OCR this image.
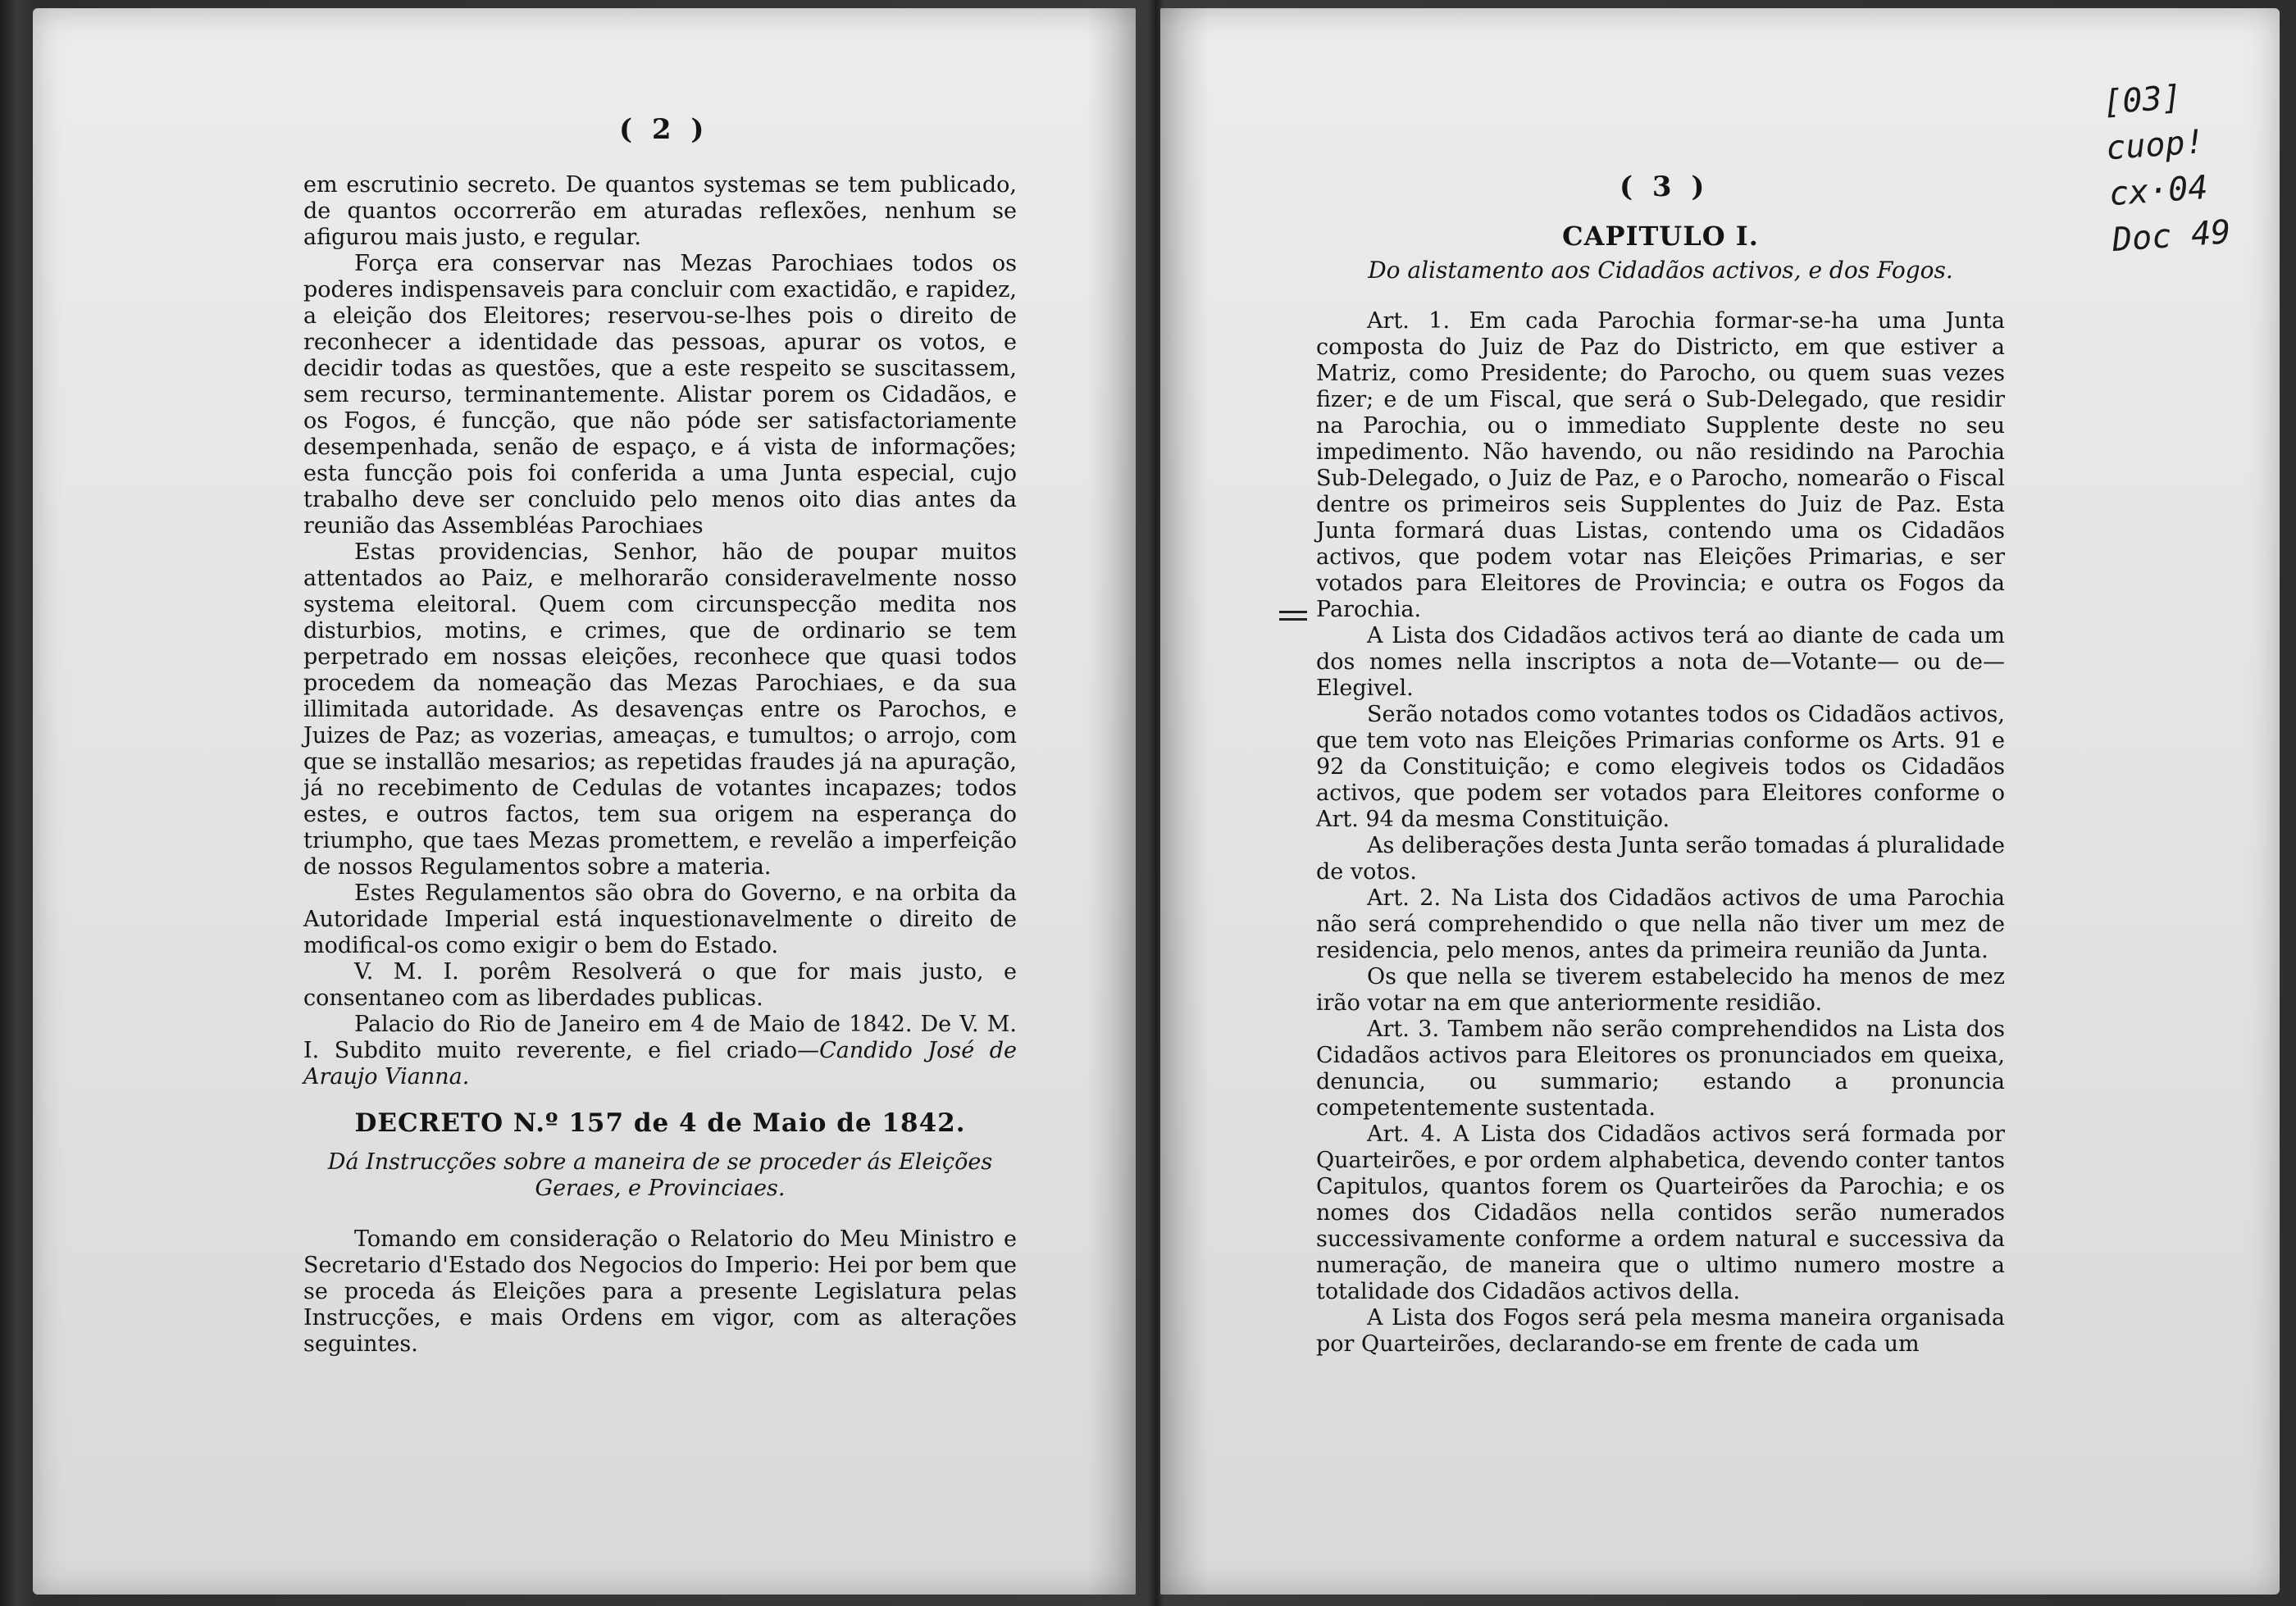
( 2 )

em escrutinio secreto. De quantos systemas se tem publicado, de quantos occorrerão em aturadas reflexões, nenhum se afigurou mais justo, e regular.

Força era conservar nas Mezas Parochiaes todos os poderes indispensaveis para concluir com exactidão, e rapidez, a eleição dos Eleitores; reservou-se-lhes pois o direito de reconhecer a identidade das pessoas, apurar os votos, e decidir todas as questões, que a este respeito se suscitassem, sem recurso, terminantemente. Alistar porem os Cidadãos, e os Fogos, é funcção, que não póde ser satisfactoriamente desempenhada, senão de espaço, e á vista de informações; esta funcção pois foi conferida a uma Junta especial, cujo trabalho deve ser concluido pelo menos oito dias antes da reunião das Assembléas Parochiaes

Estas providencias, Senhor, hão de poupar muitos attentados ao Paiz, e melhorarão consideravelmente nosso systema eleitoral. Quem com circunspecção medita nos disturbios, motins, e crimes, que de ordinario se tem perpetrado em nossas eleições, reconhece que quasi todos procedem da nomeação das Mezas Parochiaes, e da sua illimitada autoridade. As desavenças entre os Parochos, e Juizes de Paz; as vozerias, ameaças, e tumultos; o arrojo, com que se installão mesarios; as repetidas fraudes já na apuração, já no recebimento de Cedulas de votantes incapazes; todos estes, e outros factos, tem sua origem na esperança do triumpho, que taes Mezas promettem, e revelão a imperfeição de nossos Regulamentos sobre a materia.

Estes Regulamentos são obra do Governo, e na orbita da Autoridade Imperial está inquestionavelmente o direito de modifical-os como exigir o bem do Estado.

V. M. I. porêm Resolverá o que for mais justo, e consentaneo com as liberdades publicas.

Palacio do Rio de Janeiro em 4 de Maio de 1842. De V. M. I. Subdito muito reverente, e fiel criado—Candido José de Araujo Vianna.

DECRETO N.º 157 de 4 de Maio de 1842.

Dá Instrucções sobre a maneira de se proceder ás Eleições Geraes, e Provinciaes.

Tomando em consideração o Relatorio do Meu Ministro e Secretario d'Estado dos Negocios do Imperio: Hei por bem que se proceda ás Eleições para a presente Legislatura pelas Instrucções, e mais Ordens em vigor, com as alterações seguintes.

( 3 )

CAPITULO I.

Do alistamento aos Cidadãos activos, e dos Fogos.

Art. 1. Em cada Parochia formar-se-ha uma Junta composta do Juiz de Paz do Districto, em que estiver a Matriz, como Presidente; do Parocho, ou quem suas vezes fizer; e de um Fiscal, que será o Sub-Delegado, que residir na Parochia, ou o immediato Supplente deste no seu impedimento. Não havendo, ou não residindo na Parochia Sub-Delegado, o Juiz de Paz, e o Parocho, nomearão o Fiscal dentre os primeiros seis Supplentes do Juiz de Paz. Esta Junta formará duas Listas, contendo uma os Cidadãos activos, que podem votar nas Eleições Primarias, e ser votados para Eleitores de Provincia; e outra os Fogos da Parochia.

A Lista dos Cidadãos activos terá ao diante de cada um dos nomes nella inscriptos a nota de—Votante— ou de—Elegivel.

Serão notados como votantes todos os Cidadãos activos, que tem voto nas Eleições Primarias conforme os Arts. 91 e 92 da Constituição; e como elegiveis todos os Cidadãos activos, que podem ser votados para Eleitores conforme o Art. 94 da mesma Constituição.

As deliberações desta Junta serão tomadas á pluralidade de votos.

Art. 2. Na Lista dos Cidadãos activos de uma Parochia não será comprehendido o que nella não tiver um mez de residencia, pelo menos, antes da primeira reunião da Junta.

Os que nella se tiverem estabelecido ha menos de mez irão votar na em que anteriormente residião.

Art. 3. Tambem não serão comprehendidos na Lista dos Cidadãos activos para Eleitores os pronunciados em queixa, denuncia, ou summario; estando a pronuncia competentemente sustentada.

Art. 4. A Lista dos Cidadãos activos será formada por Quarteirões, e por ordem alphabetica, devendo conter tantos Capitulos, quantos forem os Quarteirões da Parochia; e os nomes dos Cidadãos nella contidos serão numerados successivamente conforme a ordem natural e successiva da numeração, de maneira que o ultimo numero mostre a totalidade dos Cidadãos activos della.

A Lista dos Fogos será pela mesma maneira organisada por Quarteirões, declarando-se em frente de cada um

[03]
cuop!
cx·04
Doc 49
